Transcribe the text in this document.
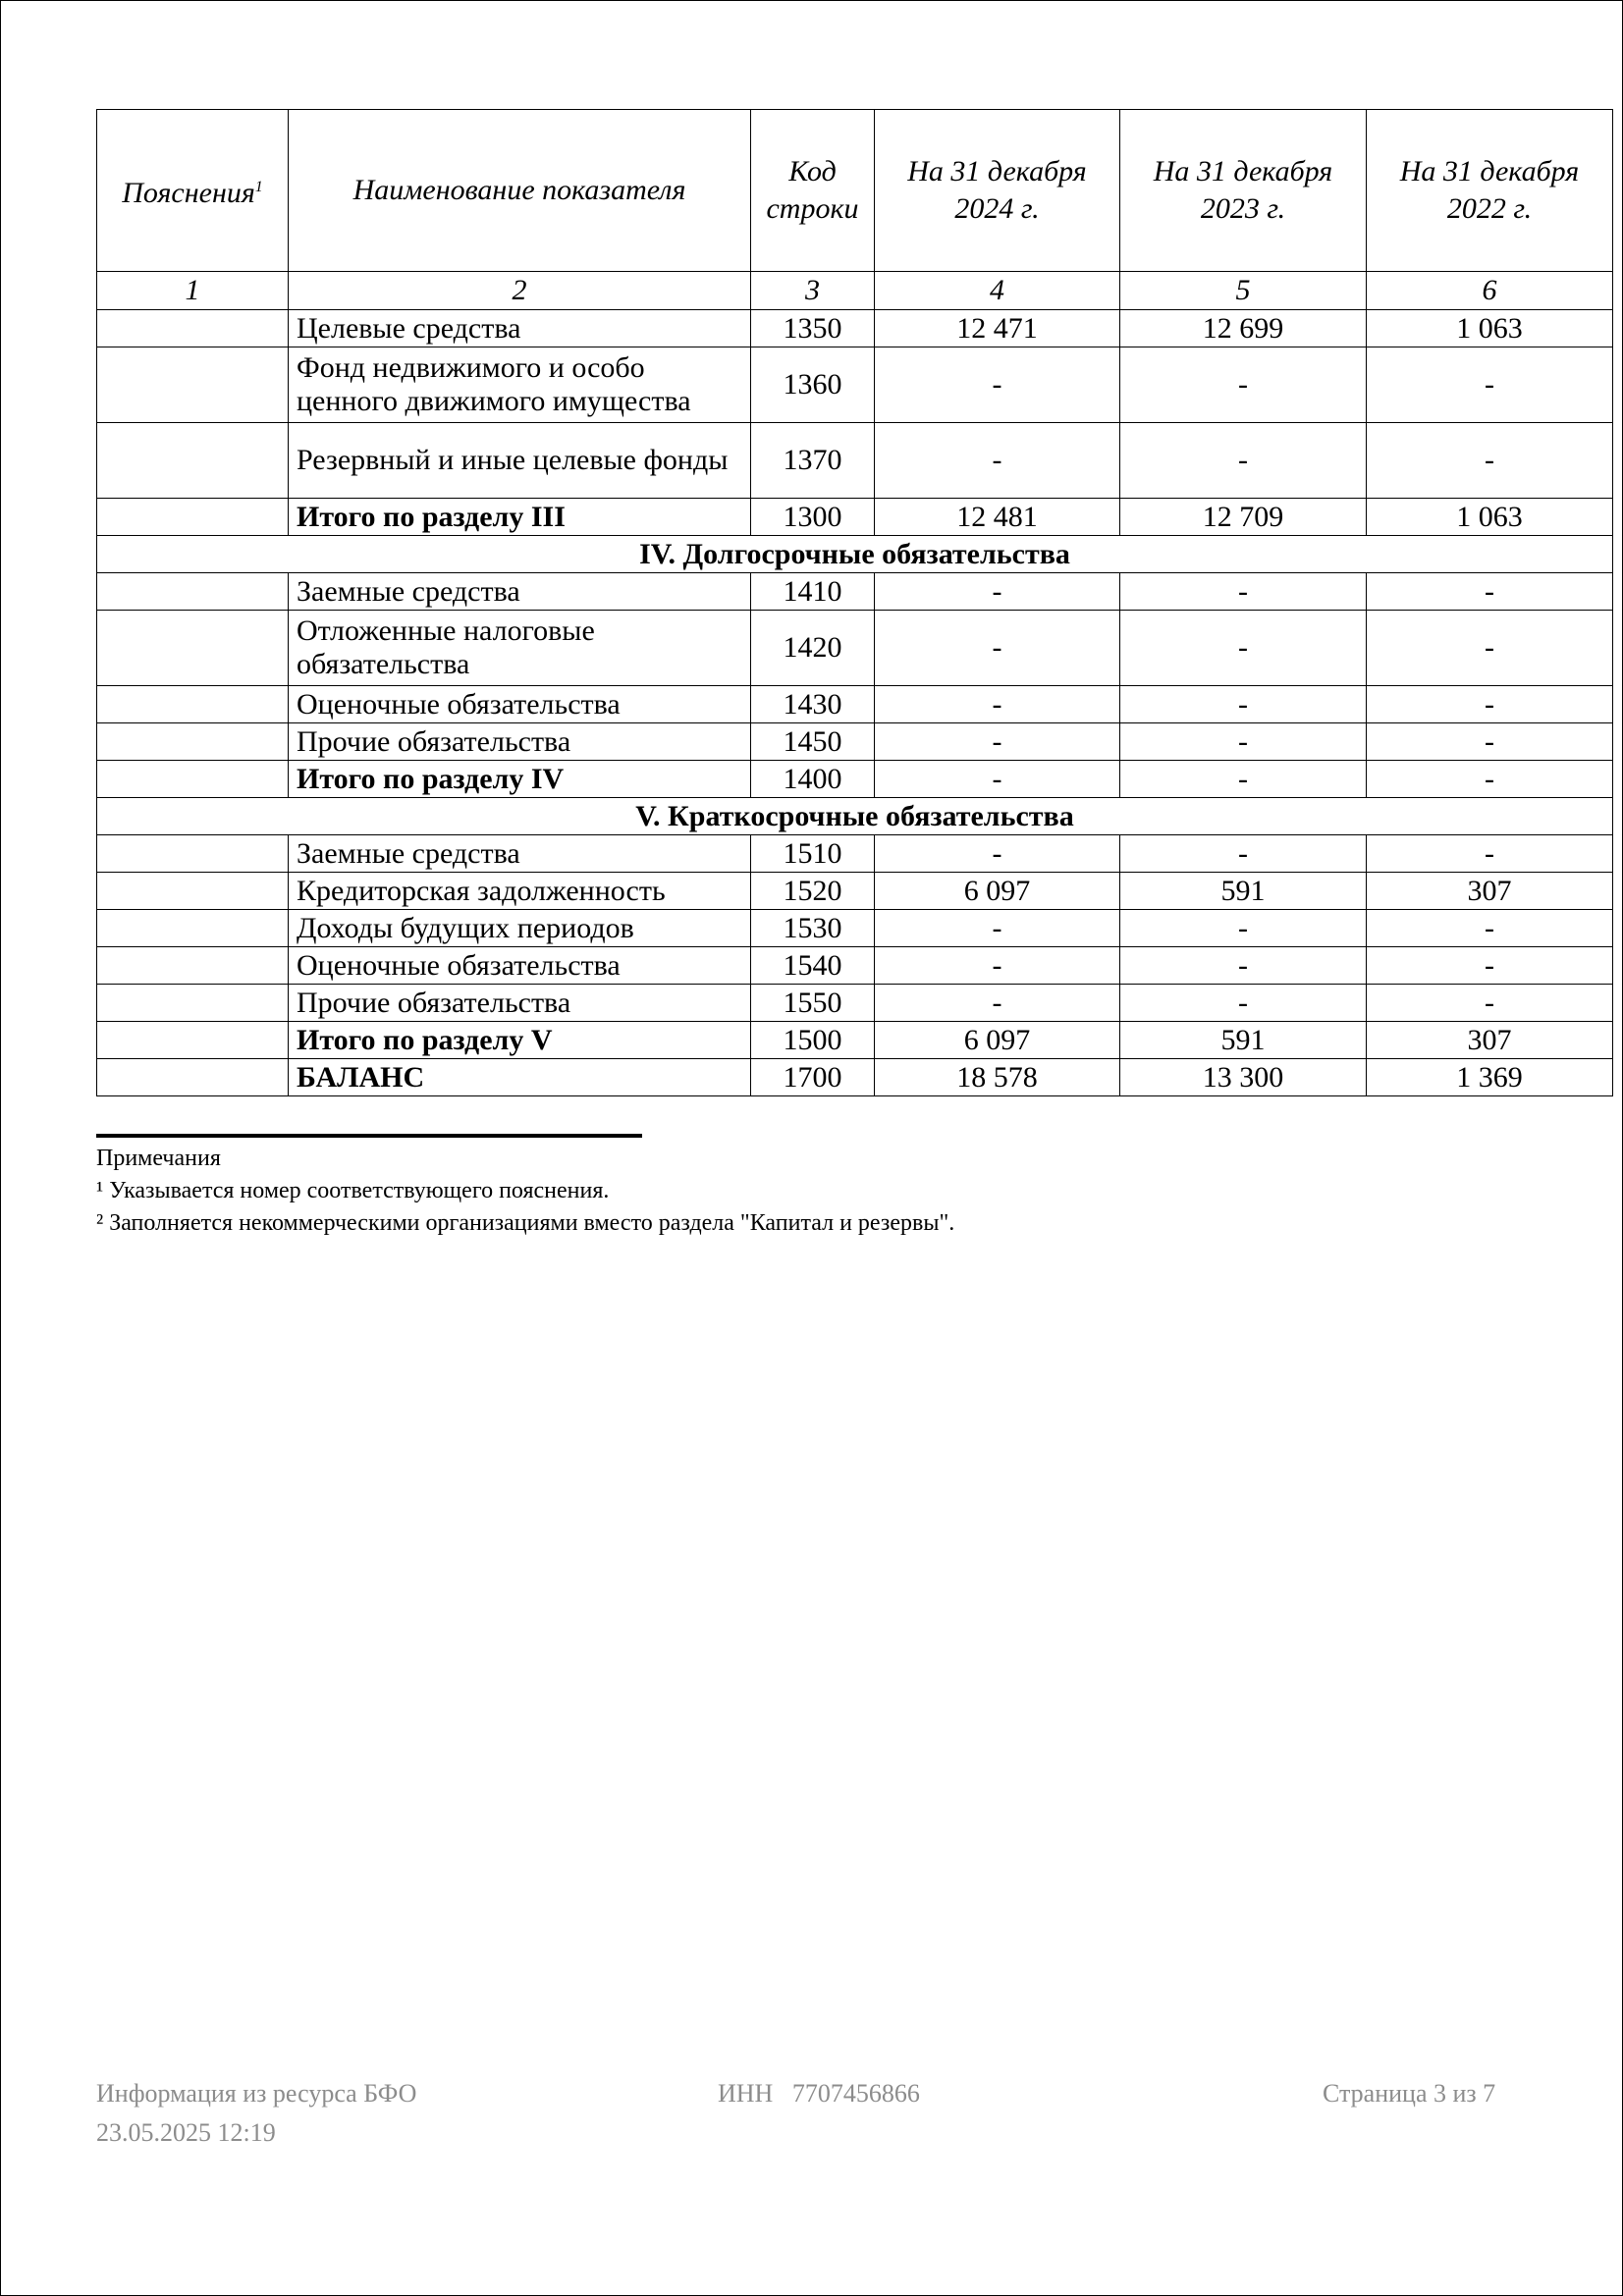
Пояснения$^1$	Наименование показателя	Код строки	На 31 декабря 2024 г.	На 31 декабря 2023 г.	На 31 декабря 2022 г.
1	2	3	4	5	6
	Целевые средства	1350	12 471	12 699	1 063
	Фонд недвижимого и особо ценного движимого имущества	1360	-	-	-
	Резервный и иные целевые фонды	1370	-	-	-
	Итого по разделу III	1300	12 481	12 709	1 063
IV. Долгосрочные обязательства					
	Заемные средства	1410	-	-	-
	Отложенные налоговые обязательства	1420	-	-	-
	Оценочные обязательства	1430	-	-	-
	Прочие обязательства	1450	-	-	-
	Итого по разделу IV	1400	-	-	-
V. Краткосрочные обязательства					
	Заемные средства	1510	-	-	-
	Кредиторская задолженность	1520	6 097	591	307
	Доходы будущих периодов	1530	-	-	-
	Оценочные обязательства	1540	-	-	-
	Прочие обязательства	1550	-	-	-
	Итого по разделу V	1500	6 097	591	307
	БАЛАНС	1700	18 578	13 300	1 369
Примечания
¹ Указывается номер соответствующего пояснения.
² Заполняется некоммерческими организациями вместо раздела "Капитал и резервы".
Информация из ресурса БФО
23.05.2025 12:19
ИНН 7707456866	Страница 3 из 7
